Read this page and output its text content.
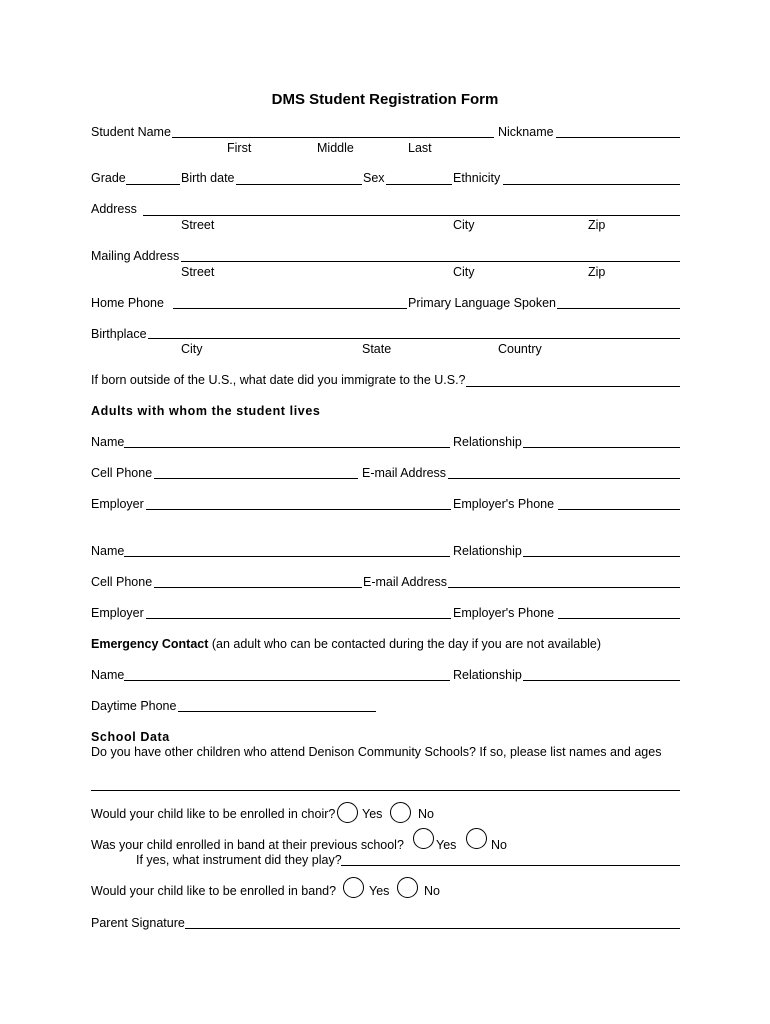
DMS Student Registration Form
Student Name	Nickname
First	Middle	Last
Grade	Birth date	Sex	Ethnicity
Address
Street	City	Zip
Mailing Address
Street	City	Zip
Home Phone	Primary Language Spoken
Birthplace
City	State	Country
If born outside of the U.S., what date did you immigrate to the U.S.?
Adults with whom the student lives
Name	Relationship
Cell Phone	E-mail Address
Employer	Employer's Phone
Name	Relationship
Cell Phone	E-mail Address
Employer	Employer's Phone
Emergency Contact (an adult who can be contacted during the day if you are not available)
Name	Relationship
Daytime Phone
School Data
Do you have other children who attend Denison Community Schools? If so, please list names and ages
Would your child like to be enrolled in choir? Yes	No
Was your child enrolled in band at their previous school?	Yes	No
If yes, what instrument did they play?
Would your child like to be enrolled in band?	Yes	No
Parent Signature
